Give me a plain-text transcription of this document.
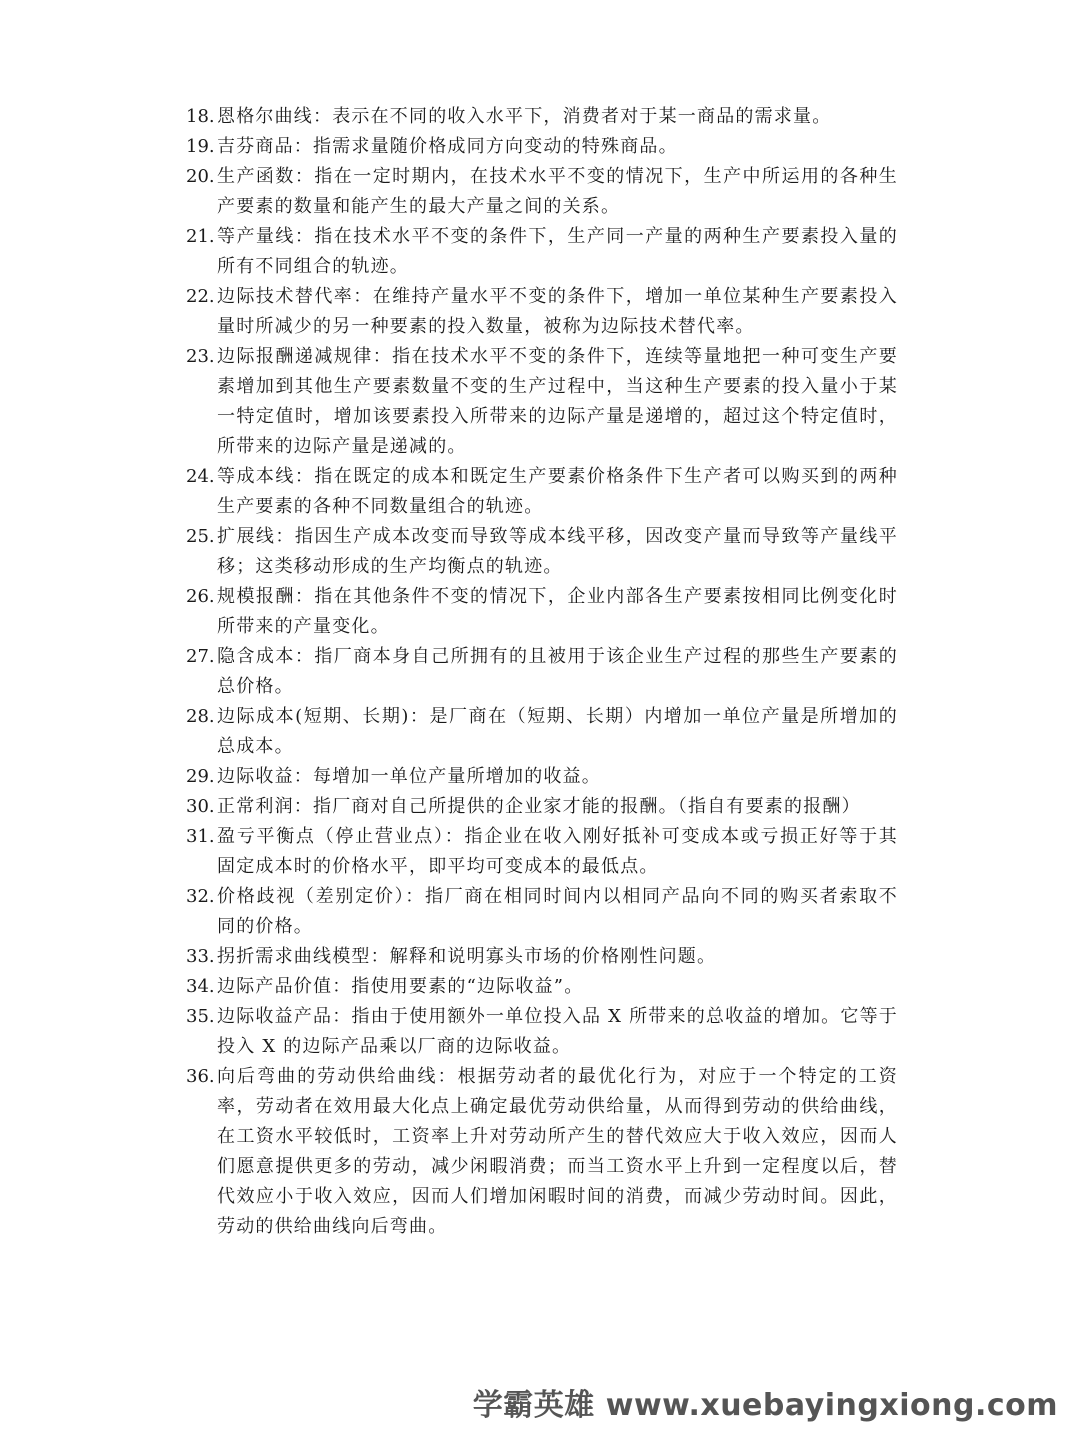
18. 恩格尔曲线：表示在不同的收入水平下，消费者对于某一商品的需求量。
19. 吉芬商品：指需求量随价格成同方向变动的特殊商品。
20. 生产函数：指在一定时期内，在技术水平不变的情况下，生产中所运用的各种生产要素的数量和能产生的最大产量之间的关系。
21. 等产量线：指在技术水平不变的条件下，生产同一产量的两种生产要素投入量的所有不同组合的轨迹。
22. 边际技术替代率：在维持产量水平不变的条件下，增加一单位某种生产要素投入量时所减少的另一种要素的投入数量，被称为边际技术替代率。
23. 边际报酬递减规律：指在技术水平不变的条件下，连续等量地把一种可变生产要素增加到其他生产要素数量不变的生产过程中，当这种生产要素的投入量小于某一特定值时，增加该要素投入所带来的边际产量是递增的，超过这个特定值时，所带来的边际产量是递减的。
24. 等成本线：指在既定的成本和既定生产要素价格条件下生产者可以购买到的两种生产要素的各种不同数量组合的轨迹。
25. 扩展线：指因生产成本改变而导致等成本线平移，因改变产量而导致等产量线平移；这类移动形成的生产均衡点的轨迹。
26. 规模报酬：指在其他条件不变的情况下，企业内部各生产要素按相同比例变化时所带来的产量变化。
27. 隐含成本：指厂商本身自己所拥有的且被用于该企业生产过程的那些生产要素的总价格。
28. 边际成本(短期、长期)：是厂商在（短期、长期）内增加一单位产量是所增加的总成本。
29. 边际收益：每增加一单位产量所增加的收益。
30. 正常利润：指厂商对自己所提供的企业家才能的报酬。（指自有要素的报酬）
31. 盈亏平衡点（停止营业点）：指企业在收入刚好抵补可变成本或亏损正好等于其固定成本时的价格水平，即平均可变成本的最低点。
32. 价格歧视（差别定价）：指厂商在相同时间内以相同产品向不同的购买者索取不同的价格。
33. 拐折需求曲线模型：解释和说明寡头市场的价格刚性问题。
34. 边际产品价值：指使用要素的“边际收益”。
35. 边际收益产品：指由于使用额外一单位投入品 X 所带来的总收益的增加。它等于投入 X 的边际产品乘以厂商的边际收益。
36. 向后弯曲的劳动供给曲线：根据劳动者的最优化行为，对应于一个特定的工资率，劳动者在效用最大化点上确定最优劳动供给量，从而得到劳动的供给曲线，在工资水平较低时，工资率上升对劳动所产生的替代效应大于收入效应，因而人们愿意提供更多的劳动，减少闲暇消费；而当工资水平上升到一定程度以后，替代效应小于收入效应，因而人们增加闲暇时间的消费，而减少劳动时间。因此，劳动的供给曲线向后弯曲。
学霸英雄 www.xuebayingxiong.com
